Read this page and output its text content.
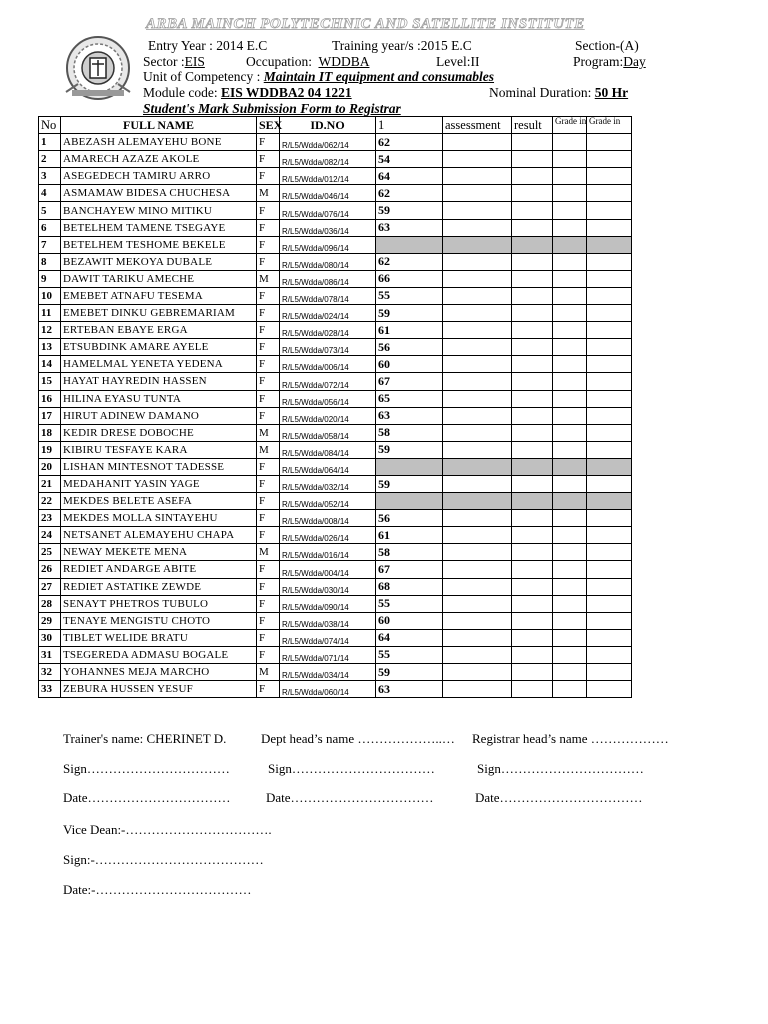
ARBA MAINCH POLYTECHNIC AND SATELLITE INSTITUTE
Entry Year : 2014 E.C	Training year/s :2015 E.C	Section-(A)
Sector :EIS	Occupation: WDDBA	Level:II	Program:Day
Unit of Competency : Maintain IT equipment and consumables
Module code: EIS WDDBA2 04 1221	Nominal Duration: 50 Hr
Student's Mark Submission Form to Registrar
No	FULL NAME	SEX	ID.NO	1	assessment	result	Grade in	Grade in
1	ABEZASH ALEMAYEHU BONE	F	R/L5/Wdda/062/14	62				
2	AMARECH AZAZE AKOLE	F	R/L5/Wdda/082/14	54				
3	ASEGEDECH TAMIRU ARRO	F	R/L5/Wdda/012/14	64				
4	ASMAMAW BIDESA CHUCHESA	M	R/L5/Wdda/046/14	62				
5	BANCHAYEW MINO MITIKU	F	R/L5/Wdda/076/14	59				
6	BETELHEM TAMENE TSEGAYE	F	R/L5/Wdda/036/14	63				
7	BETELHEM TESHOME BEKELE	F	R/L5/Wdda/096/14					
8	BEZAWIT MEKOYA DUBALE	F	R/L5/Wdda/080/14	62				
9	DAWIT TARIKU AMECHE	M	R/L5/Wdda/086/14	66				
10	EMEBET ATNAFU TESEMA	F	R/L5/Wdda/078/14	55				
11	EMEBET DINKU GEBREMARIAM	F	R/L5/Wdda/024/14	59				
12	ERTEBAN EBAYE ERGA	F	R/L5/Wdda/028/14	61				
13	ETSUBDINK AMARE AYELE	F	R/L5/Wdda/073/14	56				
14	HAMELMAL YENETA YEDENA	F	R/L5/Wdda/006/14	60				
15	HAYAT HAYREDIN HASSEN	F	R/L5/Wdda/072/14	67				
16	HILINA EYASU TUNTA	F	R/L5/Wdda/056/14	65				
17	HIRUT ADINEW DAMANO	F	R/L5/Wdda/020/14	63				
18	KEDIR DRESE DOBOCHE	M	R/L5/Wdda/058/14	58				
19	KIBIRU TESFAYE KARA	M	R/L5/Wdda/084/14	59				
20	LISHAN MINTESNOT TADESSE	F	R/L5/Wdda/064/14					
21	MEDAHANIT YASIN YAGE	F	R/L5/Wdda/032/14	59				
22	MEKDES BELETE ASEFA	F	R/L5/Wdda/052/14					
23	MEKDES MOLLA SINTAYEHU	F	R/L5/Wdda/008/14	56				
24	NETSANET ALEMAYEHU CHAPA	F	R/L5/Wdda/026/14	61				
25	NEWAY MEKETE MENA	M	R/L5/Wdda/016/14	58				
26	REDIET ANDARGE ABITE	F	R/L5/Wdda/004/14	67				
27	REDIET ASTATIKE ZEWDE	F	R/L5/Wdda/030/14	68				
28	SENAYT PHETROS TUBULO	F	R/L5/Wdda/090/14	55				
29	TENAYE MENGISTU CHOTO	F	R/L5/Wdda/038/14	60				
30	TIBLET WELIDE BRATU	F	R/L5/Wdda/074/14	64				
31	TSEGEREDA ADMASU BOGALE	F	R/L5/Wdda/071/14	55				
32	YOHANNES MEJA MARCHO	M	R/L5/Wdda/034/14	59				
33	ZEBURA HUSSEN YESUF	F	R/L5/Wdda/060/14	63				
Trainer's name: CHERINET D.	Dept head’s name ………………..… Registrar head’s name ………………
Sign……………………………	Sign……………………………	Sign……………………………
Date……………………………	Date……………………………	Date……………………………
Vice Dean:-…………………………….
Sign:-…………………………………
Date:-………………………………
